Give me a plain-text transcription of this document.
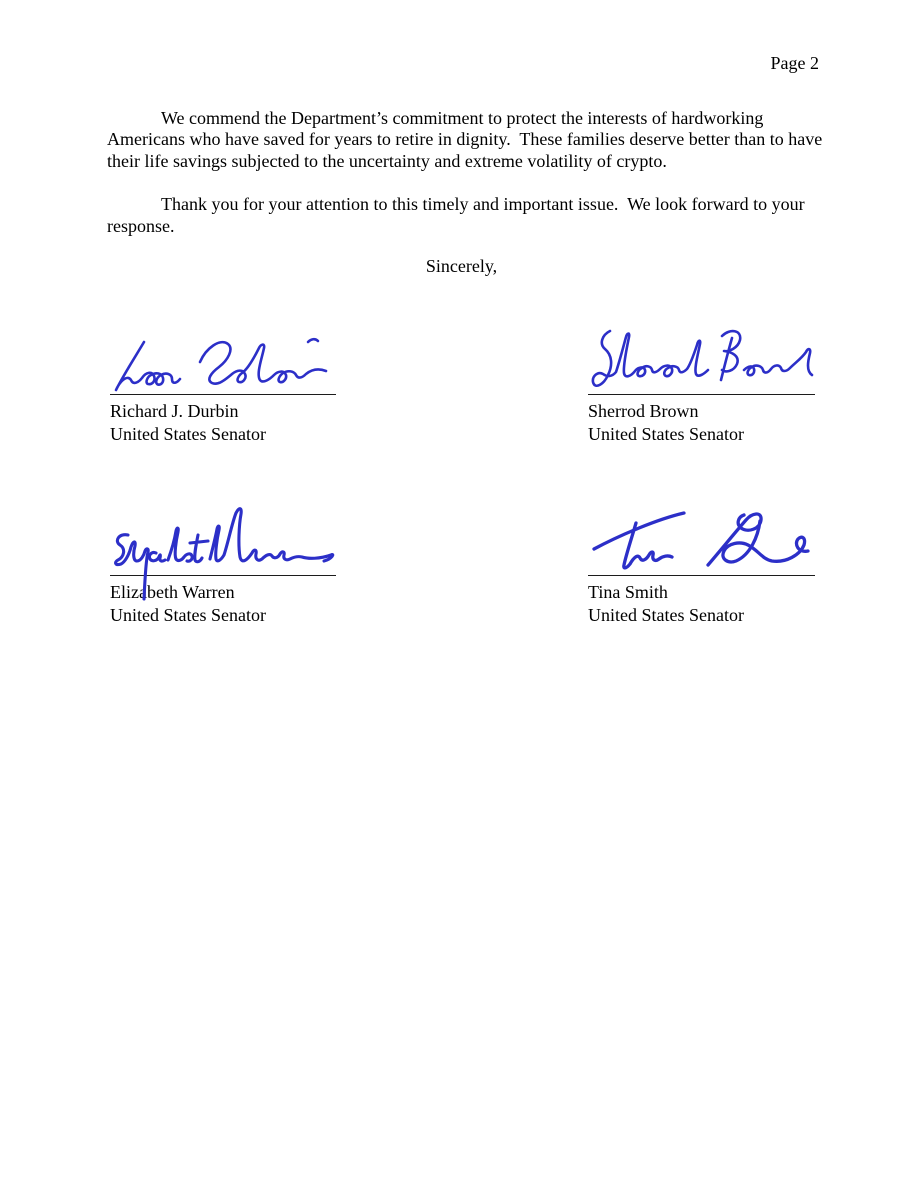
Page 2

We commend the Department’s commitment to protect the interests of hardworking Americans who have saved for years to retire in dignity.  These families deserve better than to have their life savings subjected to the uncertainty and extreme volatility of crypto.

Thank you for your attention to this timely and important issue.  We look forward to your response.

Sincerely,
Richard J. Durbin
United States Senator
Sherrod Brown
United States Senator
Elizabeth Warren
United States Senator
Tina Smith
United States Senator
